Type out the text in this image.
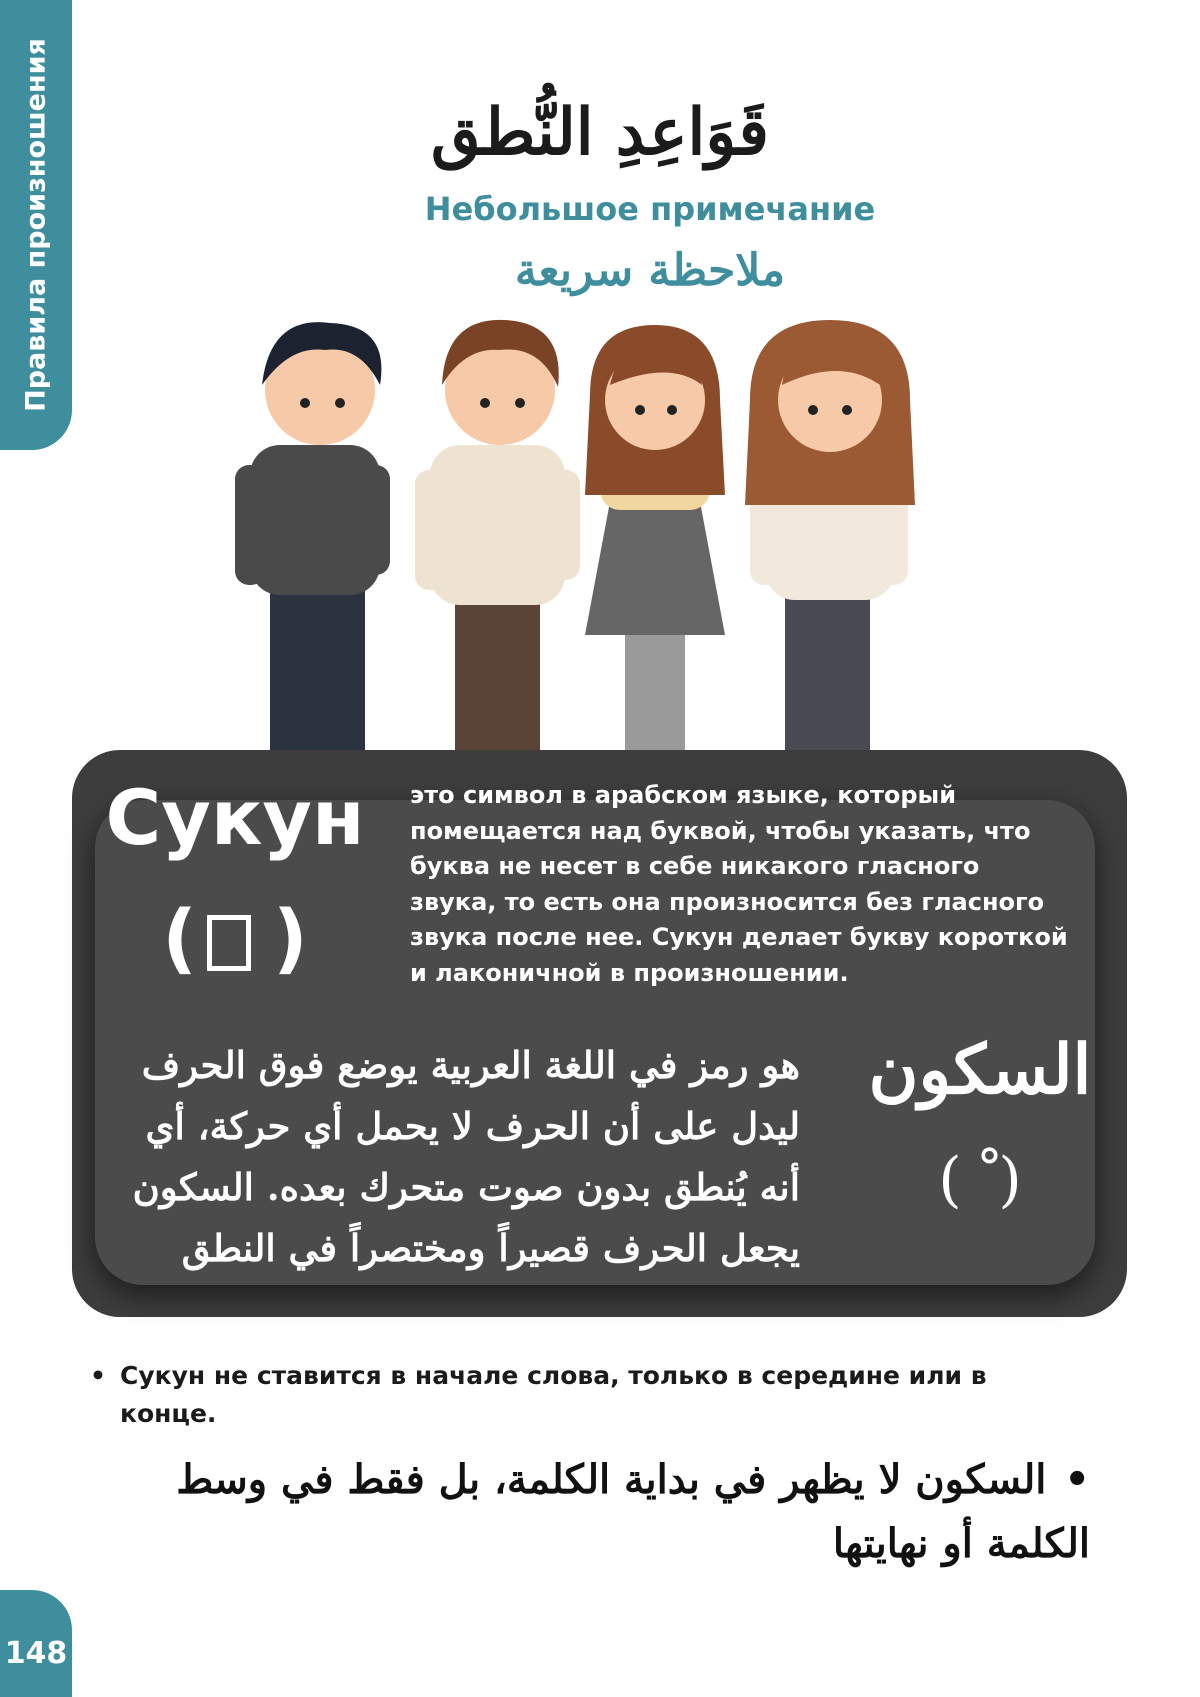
Правила произношения	قَوَاعِدِ النُّطق
Небольшое примечание
ملاحظة سريعة
Сукун
( )
это символ в арабском языке, который помещается над буквой, чтобы указать, что буква не несет в себе никакого гласного звука, то есть она произносится без гласного звука после нее. Сукун делает букву короткой и лаконичной в произношении.
السكون
( ْ )
هو رمز في اللغة العربية يوضع فوق الحرف ليدل على أن الحرف لا يحمل أي حركة، أي أنه يُنطق بدون صوت متحرك بعده. السكون يجعل الحرف قصيراً ومختصراً في النطق
• Сукун не ставится в начале слова, только в середине или в конце.
•السكون لا يظهر في بداية الكلمة، بل فقط في وسط الكلمة أو نهايتها
148
